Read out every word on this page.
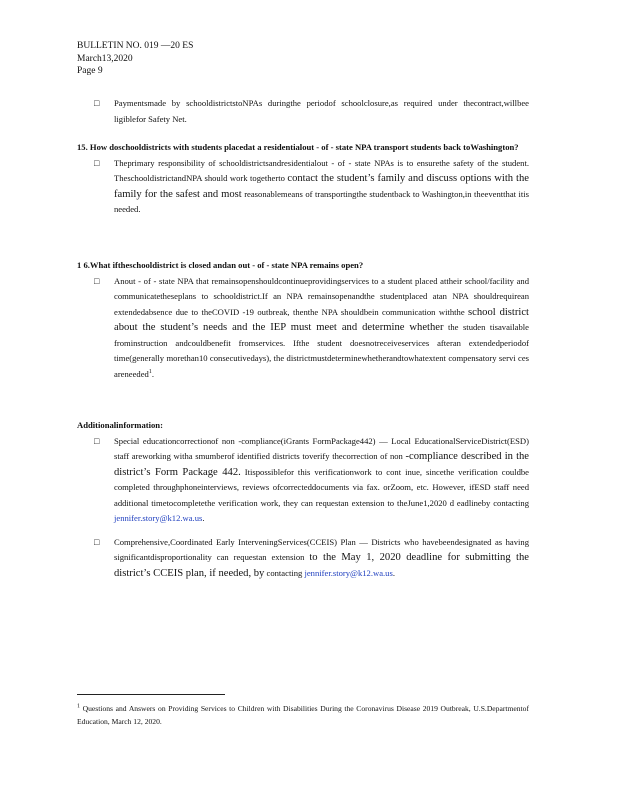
BULLETIN NO. 019 —20 ES
March13,2020
Page 9
□ Paymentsmade by schooldistrictstoNPAs duringthe periodof schoolclosure,as required under thecontract,willbee ligiblefor Safety Net.
15. How doschooldistricts with students placedat a residentialout - of - state NPA transport students back toWashington?
□ Theprimary responsibility of schooldistrictsandresidentialout - of - state NPAs is to ensurethe safety of the student. TheschooldistrictandNPA should work togetherto contact the student’s family and discuss options with the family for the safest and most reasonablemeans of transportingthe studentback to Washington,in theeventthat itis needed.
1 6.What iftheschooldistrict is closed andan out - of - state NPA remains open?
□ Anout - of - state NPA that remainsopenshouldcontinueprovidingservices to a student placed attheir school/facility and communicatetheseplans to schooldistrict.If an NPA remainsopenandthe studentplaced atan NPA shouldrequirean extendedabsence due to theCOVID -19 outbreak, thenthe NPA shouldbein communication withthe school district about the student’s needs and the IEP must meet and determine whether the studen tisavailable frominstruction andcouldbenefit fromservices. Ifthe student doesnotreceiveservices afteran extendedperiodof time(generally morethan10 consecutivedays), the districtmustdeterminewhetherandtowhatextent compensatory servi ces areneeded$^1$.
Additionalinformation:
□ Special educationcorrectionof non -compliance(iGrants FormPackage442) — Local EducationalServiceDistrict(ESD) staff areworking witha smumberof identified districts toverify thecorrection of non -compliance described in the district’s Form Package 442. Itispossiblefor this verificationwork to cont inue, sincethe verification couldbe completed throughphoneinterviews, reviews ofcorrecteddocuments via fax. orZoom, etc. However, ifESD staff need additional timetocompletethe verification work, they can requestan extension to theJune1,2020 d eadlineby contacting jennifer.story@k12.wa.us.
□ Comprehensive,Coordinated Early InterveningServices(CCEIS) Plan — Districts who havebeendesignated as having significantdisproportionality can requestan extension to the May 1, 2020 deadline for submitting the district’s CCEIS plan, if needed, by contacting jennifer.story@k12.wa.us.
$^1$ Questions and Answers on Providing Services to Children with Disabilities During the Coronavirus Disease 2019 Outbreak, U.S.Departmentof Education, March 12, 2020.
